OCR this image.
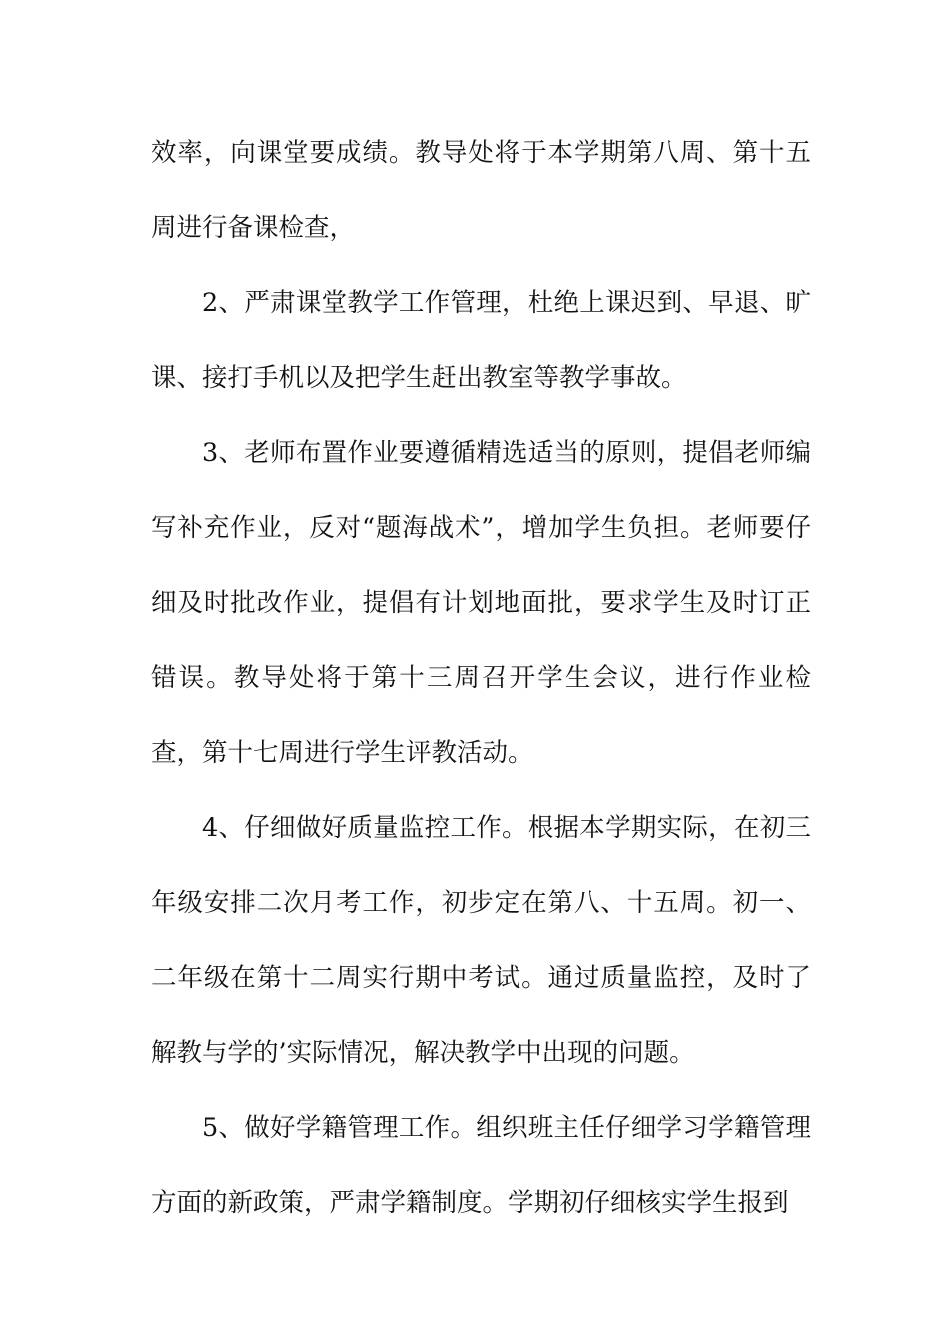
效率，向课堂要成绩。教导处将于本学期第八周、第十五周进行备课检查，
2、严肃课堂教学工作管理，杜绝上课迟到、早退、旷课、接打手机以及把学生赶出教室等教学事故。
3、老师布置作业要遵循精选适当的原则，提倡老师编写补充作业，反对“题海战术”，增加学生负担。老师要仔细及时批改作业，提倡有计划地面批，要求学生及时订正错误。教导处将于第十三周召开学生会议，进行作业检查，第十七周进行学生评教活动。
4、仔细做好质量监控工作。根据本学期实际，在初三年级安排二次月考工作，初步定在第八、十五周。初一、二年级在第十二周实行期中考试。通过质量监控，及时了解教与学的’实际情况，解决教学中出现的问题。
5、做好学籍管理工作。组织班主任仔细学习学籍管理方面的新政策，严肃学籍制度。学期初仔细核实学生报到
